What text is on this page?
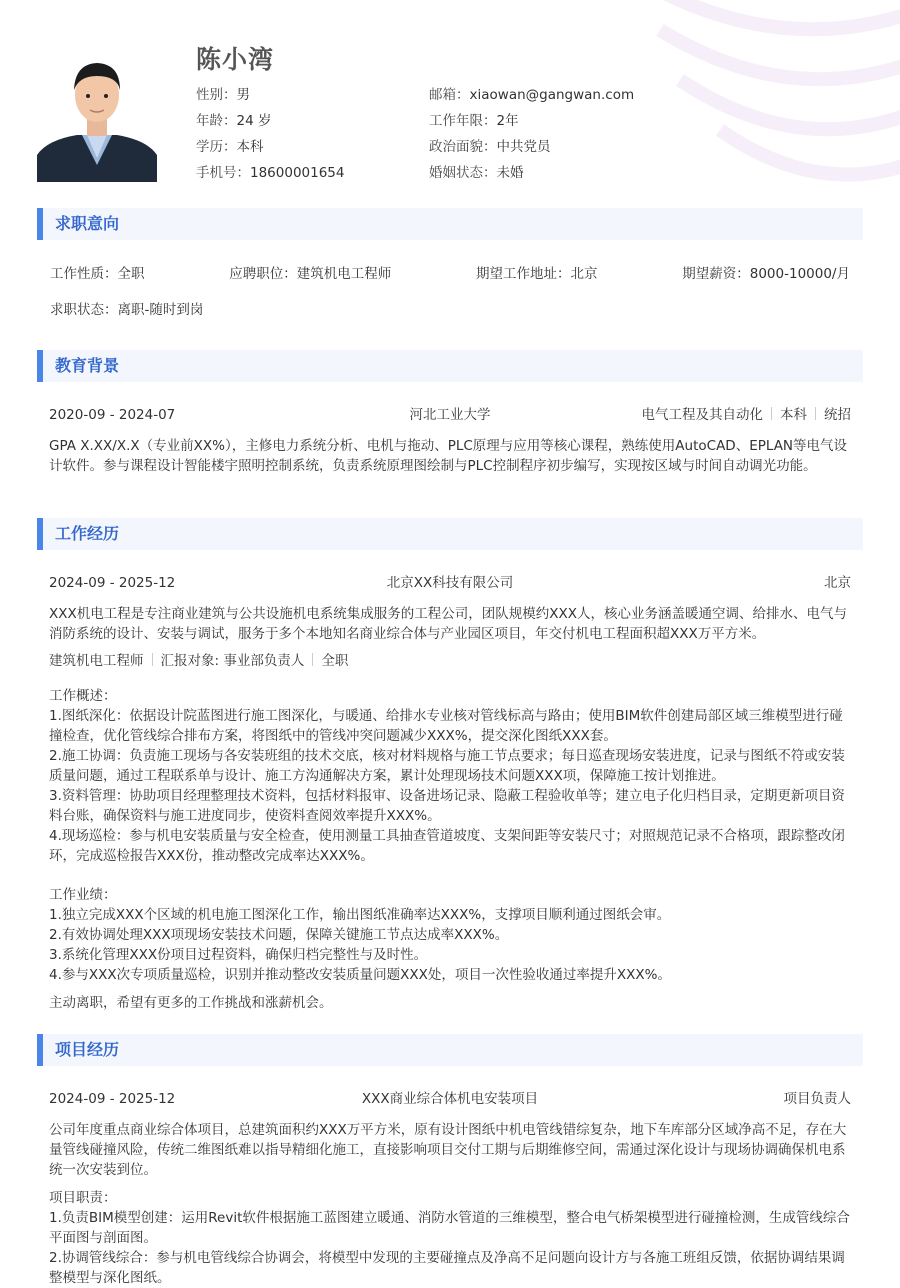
陈小湾
性别：男	邮箱：xiaowan@gangwan.com
年龄：24 岁	工作年限：2年
学历：本科	政治面貌：中共党员
手机号：18600001654	婚姻状态：未婚
求职意向
工作性质：全职	应聘职位：建筑机电工程师	期望工作地址：北京	期望薪资：8000-10000/月
求职状态：离职-随时到岗
教育背景
2020-09 - 2024-07	河北工业大学	电气工程及其自动化 本科 统招
GPA X.XX/X.X（专业前XX%），主修电力系统分析、电机与拖动、PLC原理与应用等核心课程，熟练使用AutoCAD、EPLAN等电气设计软件。参与课程设计智能楼宇照明控制系统，负责系统原理图绘制与PLC控制程序初步编写，实现按区域与时间自动调光功能。
工作经历
2024-09 - 2025-12	北京XX科技有限公司	北京
XXX机电工程是专注商业建筑与公共设施机电系统集成服务的工程公司，团队规模约XXX人，核心业务涵盖暖通空调、给排水、电气与消防系统的设计、安装与调试，服务于多个本地知名商业综合体与产业园区项目，年交付机电工程面积超XXX万平方米。
建筑机电工程师 汇报对象: 事业部负责人 全职
工作概述：
1.图纸深化：依据设计院蓝图进行施工图深化，与暖通、给排水专业核对管线标高与路由；使用BIM软件创建局部区域三维模型进行碰撞检查，优化管线综合排布方案，将图纸中的管线冲突问题减少XXX%，提交深化图纸XXX套。
2.施工协调：负责施工现场与各安装班组的技术交底，核对材料规格与施工节点要求；每日巡查现场安装进度，记录与图纸不符或安装质量问题，通过工程联系单与设计、施工方沟通解决方案，累计处理现场技术问题XXX项，保障施工按计划推进。
3.资料管理：协助项目经理整理技术资料，包括材料报审、设备进场记录、隐蔽工程验收单等；建立电子化归档目录，定期更新项目资料台账，确保资料与施工进度同步，使资料查阅效率提升XXX%。
4.现场巡检：参与机电安装质量与安全检查，使用测量工具抽查管道坡度、支架间距等安装尺寸；对照规范记录不合格项，跟踪整改闭环，完成巡检报告XXX份，推动整改完成率达XXX%。
工作业绩：
1.独立完成XXX个区域的机电施工图深化工作，输出图纸准确率达XXX%，支撑项目顺利通过图纸会审。
2.有效协调处理XXX项现场安装技术问题，保障关键施工节点达成率XXX%。
3.系统化管理XXX份项目过程资料，确保归档完整性与及时性。
4.参与XXX次专项质量巡检，识别并推动整改安装质量问题XXX处，项目一次性验收通过率提升XXX%。
主动离职，希望有更多的工作挑战和涨薪机会。
项目经历
2024-09 - 2025-12	XXX商业综合体机电安装项目	项目负责人
公司年度重点商业综合体项目，总建筑面积约XXX万平方米，原有设计图纸中机电管线错综复杂，地下车库部分区域净高不足，存在大量管线碰撞风险，传统二维图纸难以指导精细化施工，直接影响项目交付工期与后期维修空间，需通过深化设计与现场协调确保机电系统一次安装到位。
项目职责：
1.负责BIM模型创建：运用Revit软件根据施工蓝图建立暖通、消防水管道的三维模型，整合电气桥架模型进行碰撞检测，生成管线综合平面图与剖面图。
2.协调管线综合：参与机电管线综合协调会，将模型中发现的主要碰撞点及净高不足问题向设计方与各施工班组反馈，依据协调结果调整模型与深化图纸。
